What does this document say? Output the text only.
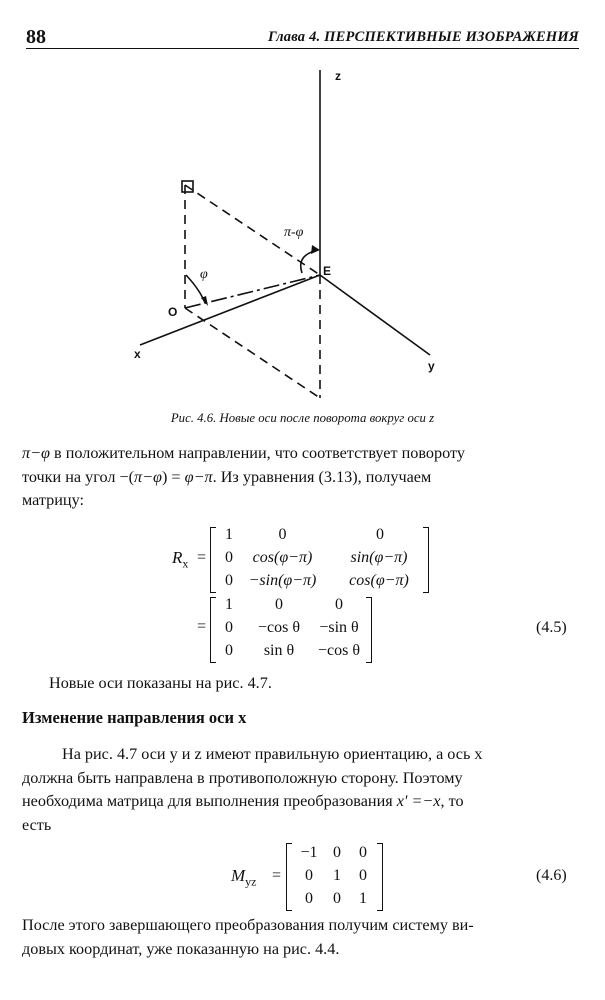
88	Глава 4. ПЕРСПЕКТИВНЫЕ ИЗОБРАЖЕНИЯ
z
x
y
O
E
φ
π-φ
Рис. 4.6. Новые оси после поворота вокруг оси z
π−φ в положительном направлении, что соответствует повороту
точки на угол −(π−φ) = φ−π. Из уравнения (3.13), получаем
матрицу:
$R_x$ =
1	0	0
0	cos(φ−π)	sin(φ−π)
0 −sin(φ−π)	cos(φ−π)
=
1	0	0
0	−cos θ	−sin θ
0	sin θ	−cos θ
(4.5)
Новые оси показаны на рис. 4.7.
Изменение направления оси x
На рис. 4.7 оси y и z имеют правильную ориентацию, а ось x
должна быть направлена в противоположную сторону. Поэтому
необходима матрица для выполнения преобразования x' =−x, то
есть
$M_{yz}$ =
−1 0	0
0	1	0
0	0	1
(4.6)
После этого завершающего преобразования получим систему ви-
довых координат, уже показанную на рис. 4.4.
